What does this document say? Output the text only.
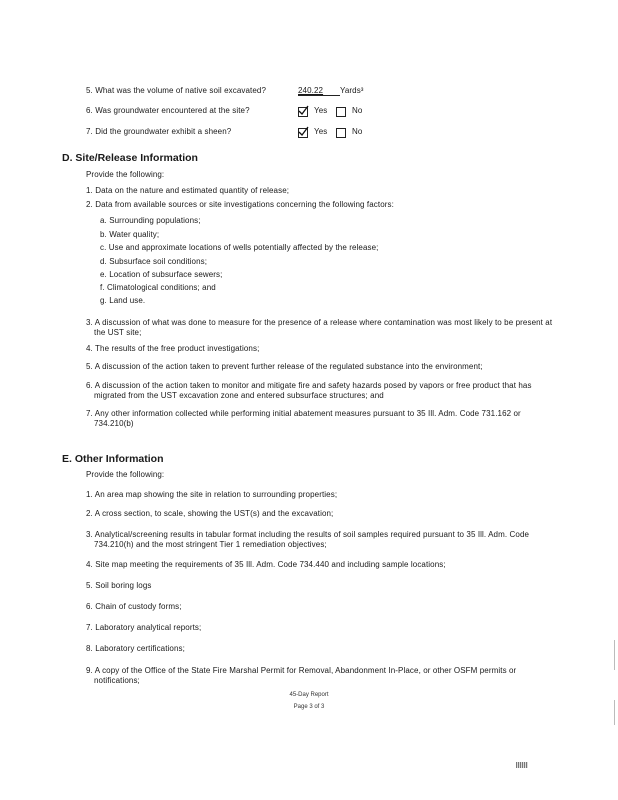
5. What was the volume of native soil excavated?	240.22 Yards³
6. Was groundwater encountered at the site?	Yes	No
7. Did the groundwater exhibit a sheen?	Yes	No
D. Site/Release Information
Provide the following:
1. Data on the nature and estimated quantity of release;
2. Data from available sources or site investigations concerning the following factors:
a. Surrounding populations;
b. Water quality;
c. Use and approximate locations of wells potentially affected by the release;
d. Subsurface soil conditions;
e. Location of subsurface sewers;
f. Climatological conditions; and
g. Land use.
3. A discussion of what was done to measure for the presence of a release where contamination was most likely to be present at the UST site;
4. The results of the free product investigations;
5. A discussion of the action taken to prevent further release of the regulated substance into the environment;
6. A discussion of the action taken to monitor and mitigate fire and safety hazards posed by vapors or free product that has migrated from the UST excavation zone and entered subsurface structures; and
7. Any other information collected while performing initial abatement measures pursuant to 35 Ill. Adm. Code 731.162 or 734.210(b)
E. Other Information
Provide the following:
1. An area map showing the site in relation to surrounding properties;
2. A cross section, to scale, showing the UST(s) and the excavation;
3. Analytical/screening results in tabular format including the results of soil samples required pursuant to 35 Ill. Adm. Code 734.210(h) and the most stringent Tier 1 remediation objectives;
4. Site map meeting the requirements of 35 Ill. Adm. Code 734.440 and including sample locations;
5. Soil boring logs
6. Chain of custody forms;
7. Laboratory analytical reports;
8. Laboratory certifications;
9. A copy of the Office of the State Fire Marshal Permit for Removal, Abandonment In-Place, or other OSFM permits or notifications;
45-Day Report
Page 3 of 3
